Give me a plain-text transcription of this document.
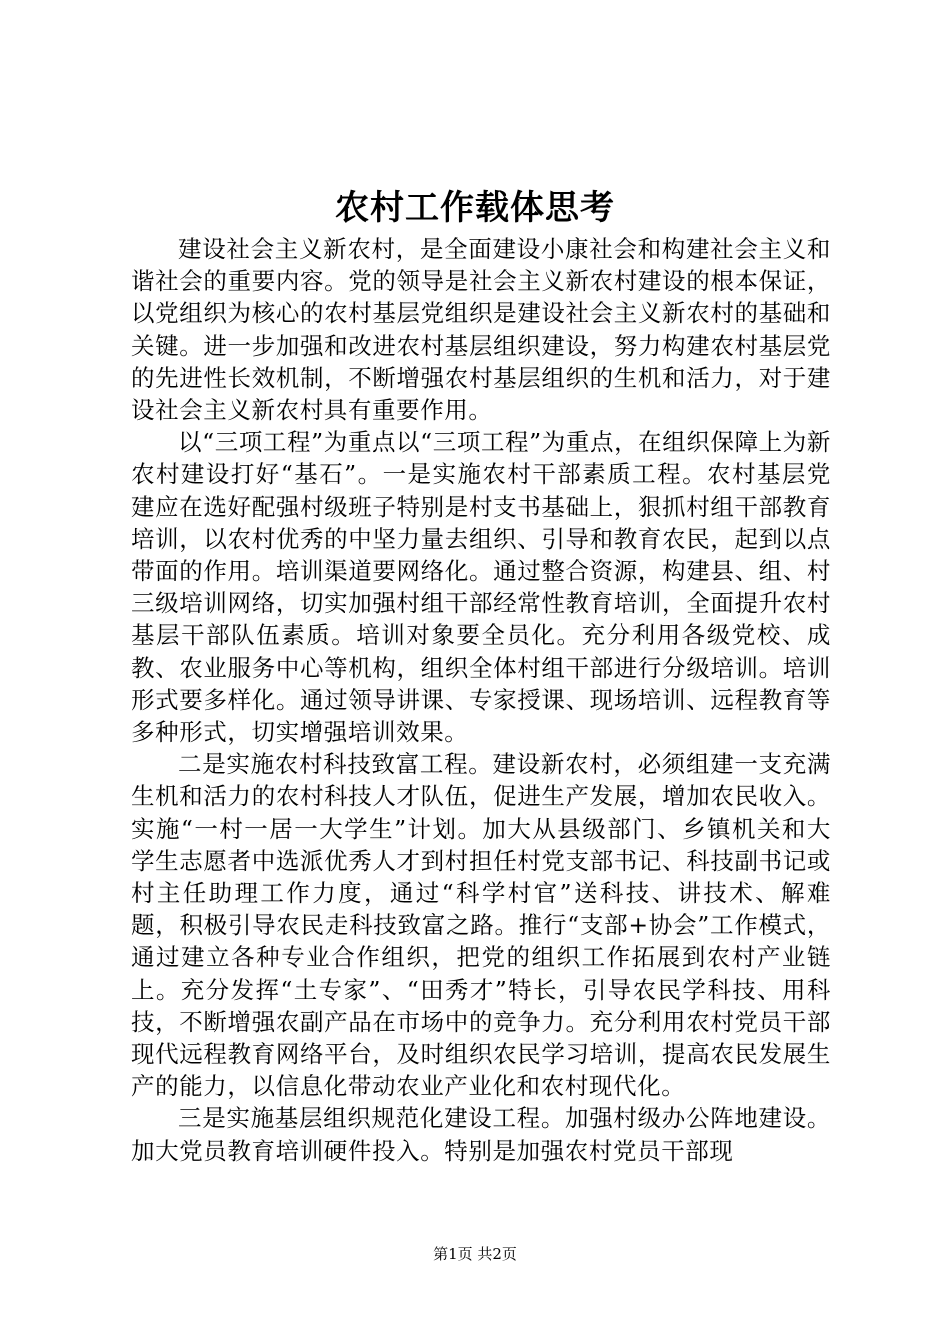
农村工作载体思考

建设社会主义新农村，是全面建设小康社会和构建社会主义和谐社会的重要内容。党的领导是社会主义新农村建设的根本保证，以党组织为核心的农村基层党组织是建设社会主义新农村的基础和关键。进一步加强和改进农村基层组织建设，努力构建农村基层党的先进性长效机制，不断增强农村基层组织的生机和活力，对于建设社会主义新农村具有重要作用。

以“三项工程”为重点以“三项工程”为重点，在组织保障上为新农村建设打好“基石”。一是实施农村干部素质工程。农村基层党建应在选好配强村级班子特别是村支书基础上，狠抓村组干部教育培训，以农村优秀的中坚力量去组织、引导和教育农民，起到以点带面的作用。培训渠道要网络化。通过整合资源，构建县、组、村三级培训网络，切实加强村组干部经常性教育培训，全面提升农村基层干部队伍素质。培训对象要全员化。充分利用各级党校、成教、农业服务中心等机构，组织全体村组干部进行分级培训。培训形式要多样化。通过领导讲课、专家授课、现场培训、远程教育等多种形式，切实增强培训效果。

二是实施农村科技致富工程。建设新农村，必须组建一支充满生机和活力的农村科技人才队伍，促进生产发展，增加农民收入。实施“一村一居一大学生”计划。加大从县级部门、乡镇机关和大学生志愿者中选派优秀人才到村担任村党支部书记、科技副书记或村主任助理工作力度，通过“科学村官”送科技、讲技术、解难题，积极引导农民走科技致富之路。推行“支部+协会”工作模式，通过建立各种专业合作组织，把党的组织工作拓展到农村产业链上。充分发挥“土专家”、“田秀才”特长，引导农民学科技、用科技，不断增强农副产品在市场中的竞争力。充分利用农村党员干部现代远程教育网络平台，及时组织农民学习培训，提高农民发展生产的能力，以信息化带动农业产业化和农村现代化。

三是实施基层组织规范化建设工程。加强村级办公阵地建设。加大党员教育培训硬件投入。特别是加强农村党员干部现

第1页 共2页
